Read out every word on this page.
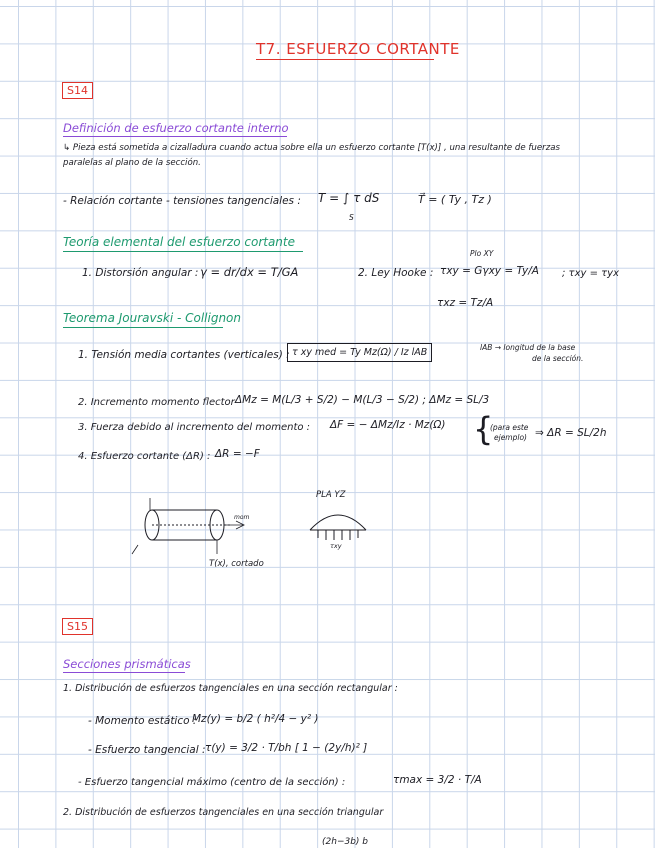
T7. ESFUERZO CORTANTE
S14
Definición de esfuerzo cortante interno
↳ Pieza está sometida a cizalladura cuando actua sobre ella un esfuerzo cortante [T(x)] , una resultante de fuerzas
paralelas al plano de la sección.
- Relación cortante - tensiones tangenciales : T = ∫ τ dS
S
T⃗ = ( Ty , Tz )
Teoría elemental del esfuerzo cortante
Plo XY
1. Distorsión angular : γ = dr/dx = T/GA	2. Ley Hooke : τxy = Gγxy = Ty/A ; τxy = τyx
τxz = Tz/A
Teorema Jouravski - Collignon
1. Tensión media cortantes (verticales) : τ xy med = Ty Mz(Ω) / Iz lAB	lAB → longitud de la base
de la sección.
2. Incremento momento flector ΔMz = M(L/3 + S/2) − M(L/3 − S/2) ; ΔMz = SL/3
3. Fuerza debido al incremento del momento : ΔF = − ΔMz/Iz · Mz(Ω) {
(para este
ejemplo) ⇒ ΔR = SL/2h
4. Esfuerzo cortante (ΔR) : ΔR = −F
mom
T(x), cortado
PLA YZ
τxy
S15
Secciones prismáticas
1. Distribución de esfuerzos tangenciales en una sección rectangular :
- Momento estático :
Mz(y) = b/2 ( h²/4 − y² )
- Esfuerzo tangencial : τ(y) = 3/2 · T/bh [ 1 − (2y/h)² ]
- Esfuerzo tangencial máximo (centro de la sección) :	τmax = 3/2 · T/A
2. Distribución de esfuerzos tangenciales en una sección triangular
(2h−3b) b
